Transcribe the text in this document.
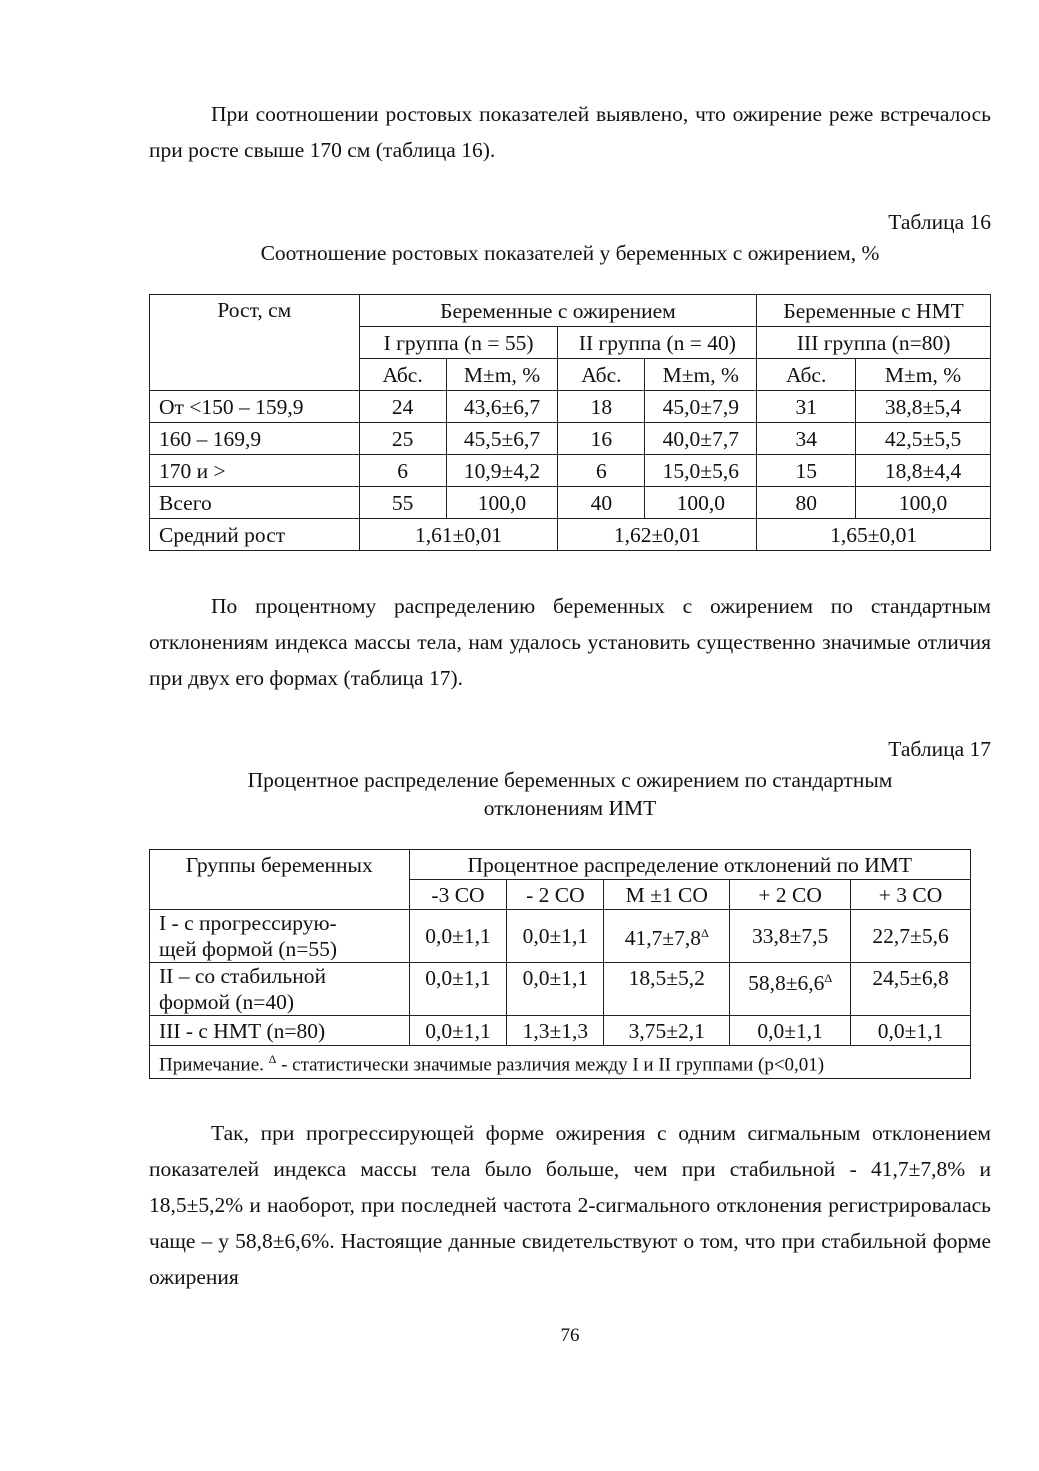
При соотношении ростовых показателей выявлено, что ожирение реже встречалось при росте свыше 170 см (таблица 16).

Таблица 16
Соотношение ростовых показателей у беременных с ожирением, %
Рост, см	Беременные с ожирением				Беременные с НМТ	
	I группа (n = 55)		II группа (n = 40)		III группа (n=80)	
	Абс.	M±m, %	Абс.	M±m, %	Абс.	M±m, %
От <150 – 159,9	24	43,6±6,7	18	45,0±7,9	31	38,8±5,4
160 – 169,9	25	45,5±6,7	16	40,0±7,7	34	42,5±5,5
170 и >	6	10,9±4,2	6	15,0±5,6	15	18,8±4,4
Всего	55	100,0	40	100,0	80	100,0
Средний рост	1,61±0,01		1,62±0,01		1,65±0,01	

По процентному распределению беременных с ожирением по стандартным отклонениям индекса массы тела, нам удалось установить существенно значимые отличия при двух его формах (таблица 17).

Таблица 17
Процентное распределение беременных с ожирением по стандартным
отклонениям ИМТ
Группы беременных	Процентное распределение отклонений по ИМТ				
	-3 СО	- 2 СО	М ±1 СО	+ 2 СО	+ 3 СО

I - с прогрессирую-
щей формой (n=55)	0,0±1,1	0,0±1,1	$41,7\pm 7,8^\Delta$	33,8±7,5	22,7±5,6

II – со стабильной
формой (n=40)	0,0±1,1	0,0±1,1	18,5±5,2	$58,8\pm 6,6^\Delta$	24,5±6,8
III - с НМТ (n=80)	0,0±1,1	1,3±1,3	3,75±2,1	0,0±1,1	0,0±1,1
Примечание. $^\Delta$ - статистически значимые различия между I и II группами (р<0,01)					

Так, при прогрессирующей форме ожирения с одним сигмальным отклонением показателей индекса массы тела было больше, чем при стабильной - 41,7±7,8% и 18,5±5,2% и наоборот, при последней частота 2-сигмального отклонения регистрировалась чаще – у 58,8±6,6%. Настоящие данные свидетельствуют о том, что при стабильной форме ожирения

76
